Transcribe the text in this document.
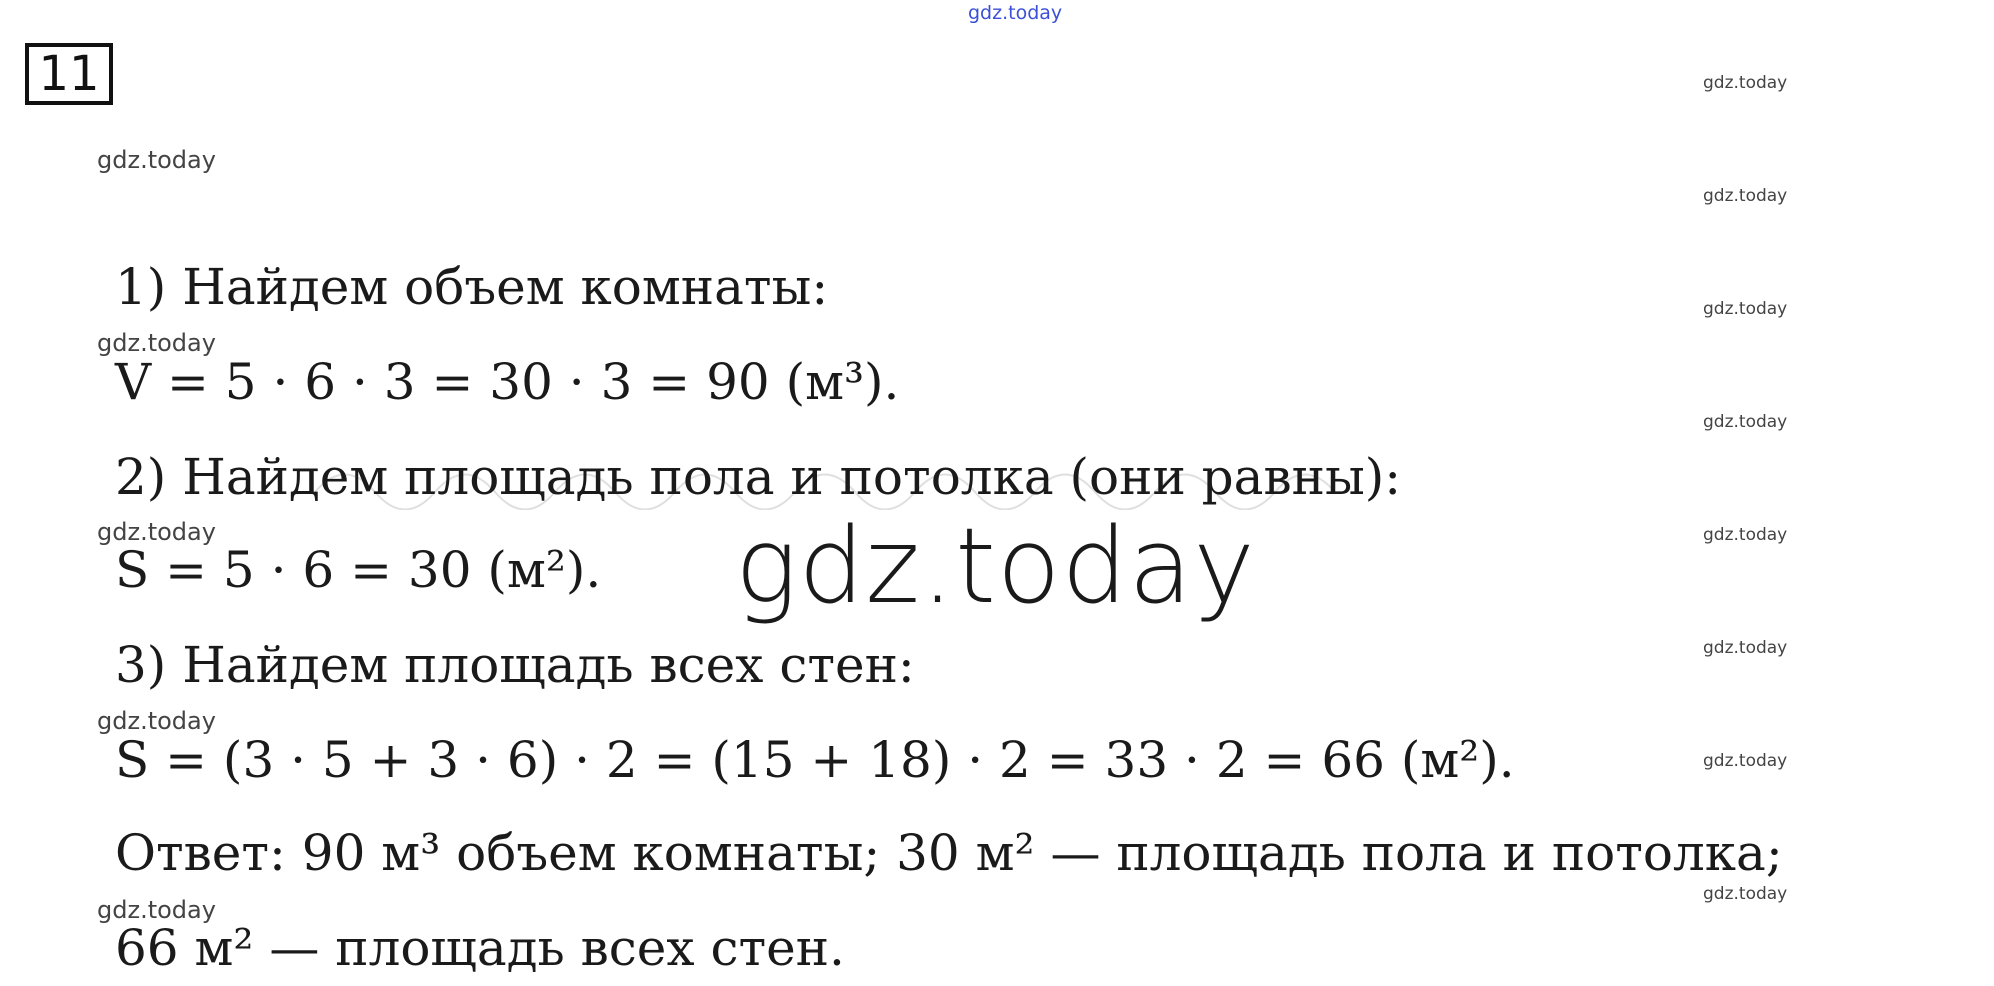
gdz.today
11
gdz.today
gdz.today
gdz.today
gdz.today
gdz.today
gdz.today
gdz.today
gdz.today
gdz.today
gdz.today
gdz.today
gdz.today
gdz.today
1) Найдем объем комнаты:
V = 5 · 6 · 3 = 30 · 3 = 90 (м³).
2) Найдем площадь пола и потолка (они равны):
S = 5 · 6 = 30 (м²).
3) Найдем площадь всех стен:
S = (3 · 5 + 3 · 6) · 2 = (15 + 18) · 2 = 33 · 2 = 66 (м²).
Ответ: 90 м³ объем комнаты; 30 м² — площадь пола и потолка;
66 м² — площадь всех стен.
gdz.today
